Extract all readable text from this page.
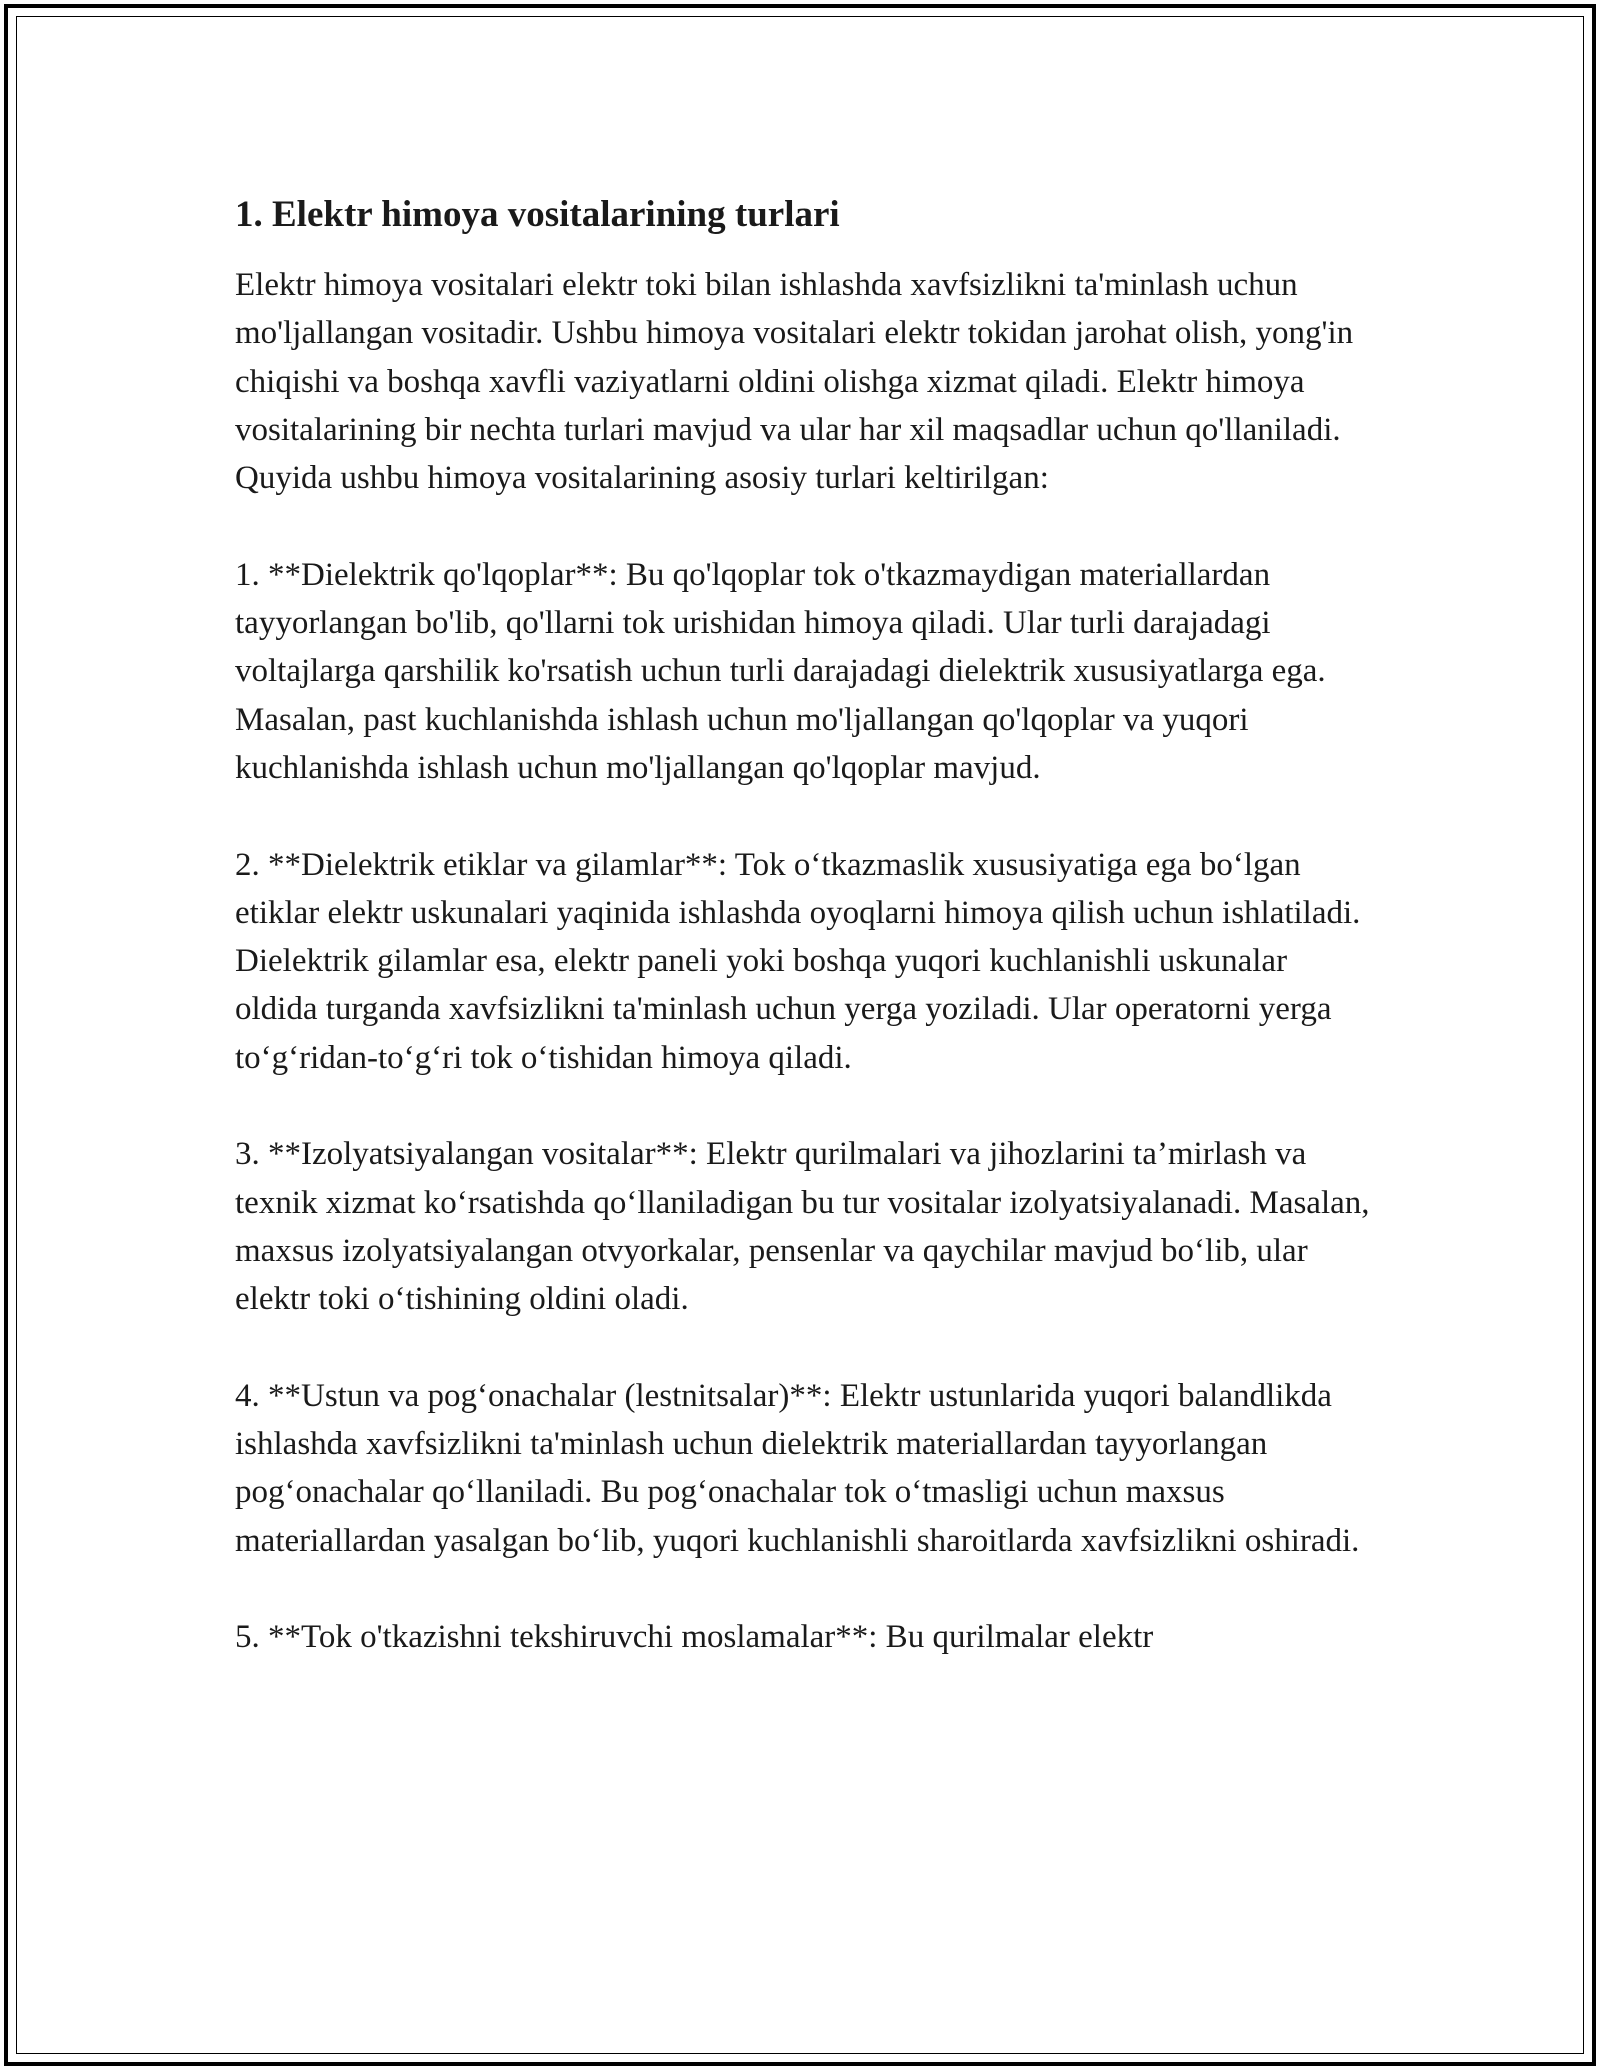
1. Elektr himoya vositalarining turlari

Elektr himoya vositalari elektr toki bilan ishlashda xavfsizlikni ta'minlash uchun mo'ljallangan vositadir. Ushbu himoya vositalari elektr tokidan jarohat olish, yong'in chiqishi va boshqa xavfli vaziyatlarni oldini olishga xizmat qiladi. Elektr himoya vositalarining bir nechta turlari mavjud va ular har xil maqsadlar uchun qo'llaniladi. Quyida ushbu himoya vositalarining asosiy turlari keltirilgan:

1. **Dielektrik qo'lqoplar**: Bu qo'lqoplar tok o'tkazmaydigan materiallardan tayyorlangan bo'lib, qo'llarni tok urishidan himoya qiladi. Ular turli darajadagi voltajlarga qarshilik ko'rsatish uchun turli darajadagi dielektrik xususiyatlarga ega. Masalan, past kuchlanishda ishlash uchun mo'ljallangan qo'lqoplar va yuqori kuchlanishda ishlash uchun mo'ljallangan qo'lqoplar mavjud.

2. **Dielektrik etiklar va gilamlar**: Tok o‘tkazmaslik xususiyatiga ega bo‘lgan etiklar elektr uskunalari yaqinida ishlashda oyoqlarni himoya qilish uchun ishlatiladi. Dielektrik gilamlar esa, elektr paneli yoki boshqa yuqori kuchlanishli uskunalar oldida turganda xavfsizlikni ta'minlash uchun yerga yoziladi. Ular operatorni yerga to‘g‘ridan-to‘g‘ri tok o‘tishidan himoya qiladi.

3. **Izolyatsiyalangan vositalar**: Elektr qurilmalari va jihozlarini ta’mirlash va texnik xizmat ko‘rsatishda qo‘llaniladigan bu tur vositalar izolyatsiyalanadi. Masalan, maxsus izolyatsiyalangan otvyorkalar, pensenlar va qaychilar mavjud bo‘lib, ular elektr toki o‘tishining oldini oladi.

4. **Ustun va pog‘onachalar (lestnitsalar)**: Elektr ustunlarida yuqori balandlikda ishlashda xavfsizlikni ta'minlash uchun dielektrik materiallardan tayyorlangan pog‘onachalar qo‘llaniladi. Bu pog‘onachalar tok o‘tmasligi uchun maxsus materiallardan yasalgan bo‘lib, yuqori kuchlanishli sharoitlarda xavfsizlikni oshiradi.

5. **Tok o'tkazishni tekshiruvchi moslamalar**: Bu qurilmalar elektr
